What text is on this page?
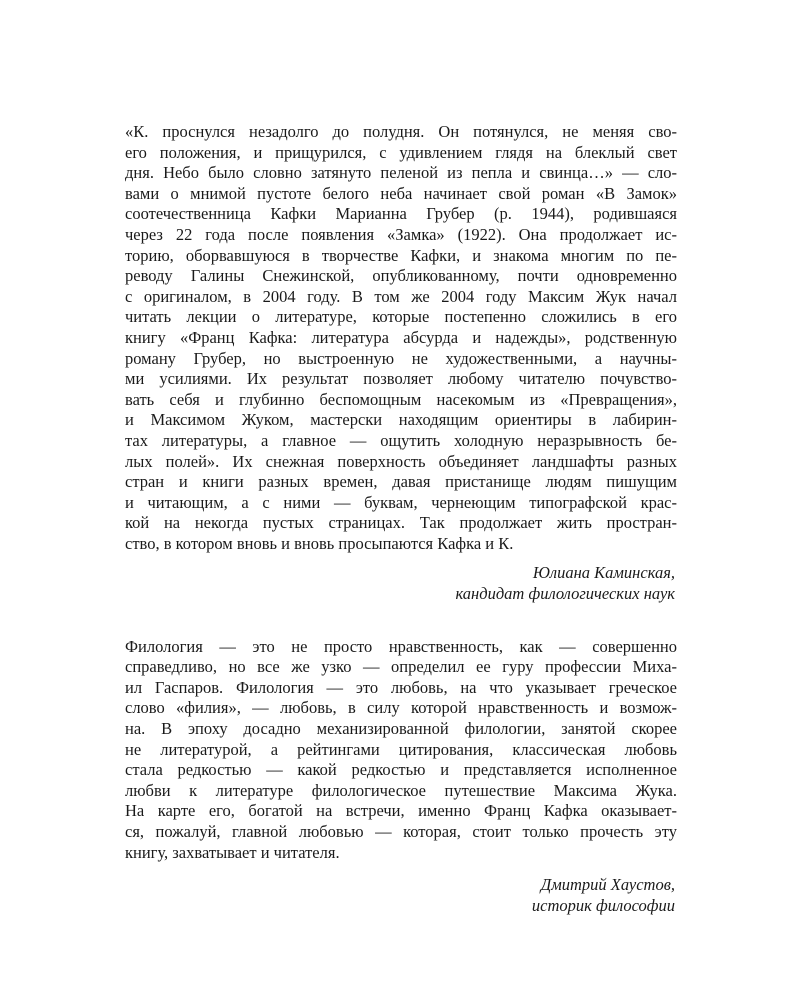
«К. проснулся незадолго до полудня. Он потянулся, не меняя сво-
его положения, и прищурился, с удивлением глядя на блеклый свет
дня. Небо было словно затянуто пеленой из пепла и свинца…» — сло-
вами о мнимой пустоте белого неба начинает свой роман «В Замок»
соотечественница Кафки Марианна Грубер (р. 1944), родившаяся
через 22 года после появления «Замка» (1922). Она продолжает ис-
торию, оборвавшуюся в творчестве Кафки, и знакома многим по пе-
реводу Галины Снежинской, опубликованному, почти одновременно
с оригиналом, в 2004 году. В том же 2004 году Максим Жук начал
читать лекции о литературе, которые постепенно сложились в его
книгу «Франц Кафка: литература абсурда и надежды», родственную
роману Грубер, но выстроенную не художественными, а научны-
ми усилиями. Их результат позволяет любому читателю почувство-
вать себя и глубинно беспомощным насекомым из «Превращения»,
и Максимом Жуком, мастерски находящим ориентиры в лабирин-
тах литературы, а главное — ощутить холодную неразрывность бе-
лых полей». Их снежная поверхность объединяет ландшафты разных
стран и книги разных времен, давая пристанище людям пишущим
и читающим, а с ними — буквам, чернеющим типографской крас-
кой на некогда пустых страницах. Так продолжает жить простран-
ство, в котором вновь и вновь просыпаются Кафка и К.

Юлиана Каминская,

кандидат филологических наук

Филология — это не просто нравственность, как — совершенно
справедливо, но все же узко — определил ее гуру профессии Миха-
ил Гаспаров. Филология — это любовь, на что указывает греческое
слово «филия», — любовь, в силу которой нравственность и возмож-
на. В эпоху досадно механизированной филологии, занятой скорее
не литературой, а рейтингами цитирования, классическая любовь
стала редкостью — какой редкостью и представляется исполненное
любви к литературе филологическое путешествие Максима Жука.
На карте его, богатой на встречи, именно Франц Кафка оказывает-
ся, пожалуй, главной любовью — которая, стоит только прочесть эту
книгу, захватывает и читателя.

Дмитрий Хаустов,

историк философии
